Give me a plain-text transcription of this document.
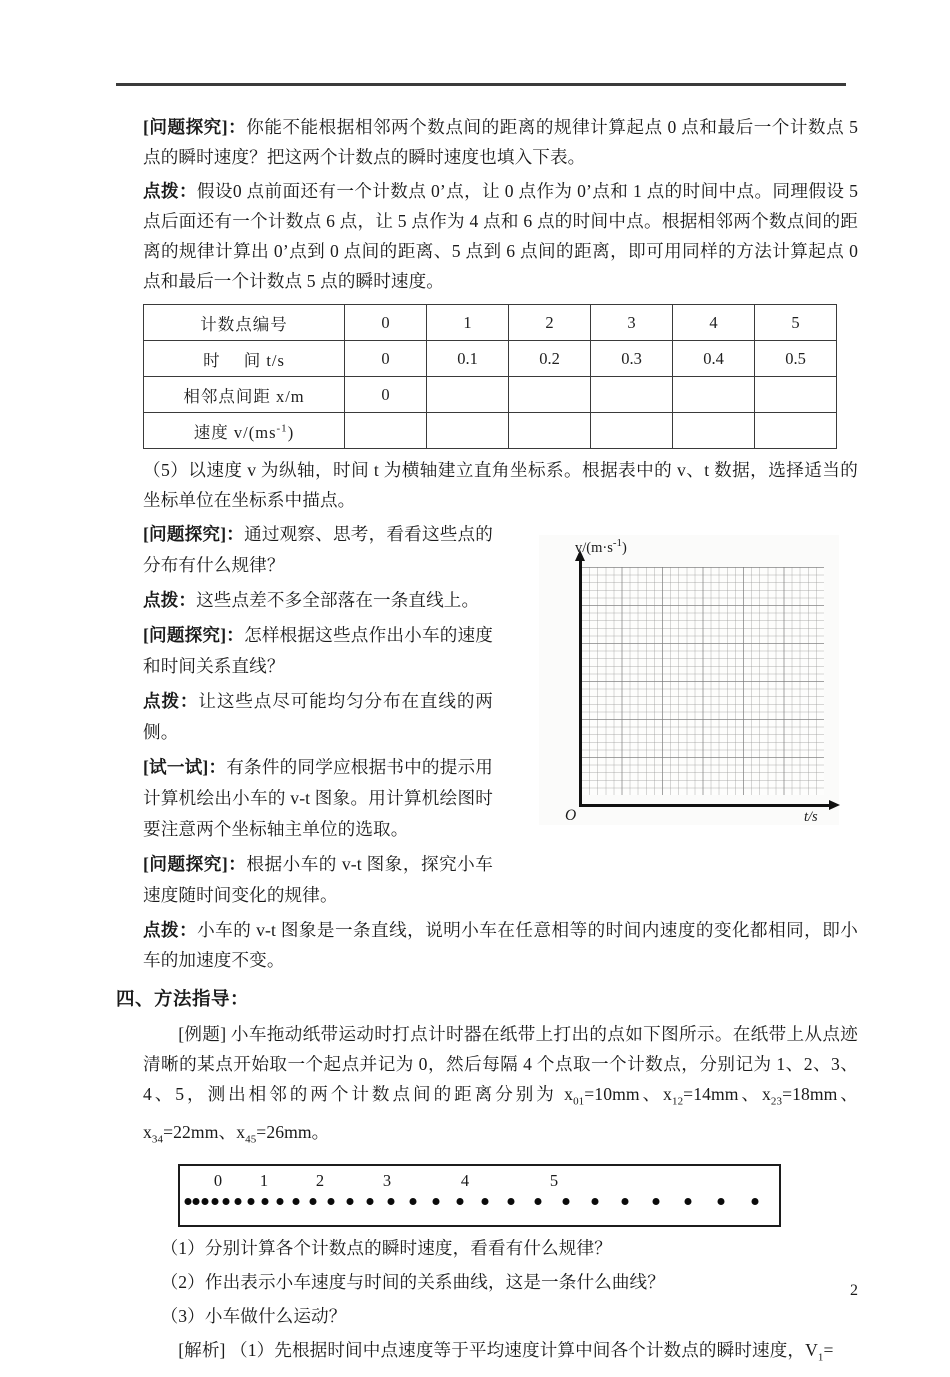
[问题探究]：你能不能根据相邻两个数点间的距离的规律计算起点 0 点和最后一个计数点 5 点的瞬时速度？把这两个计数点的瞬时速度也填入下表。

点拨：假设0 点前面还有一个计数点 0’点，让 0 点作为 0’点和 1 点的时间中点。同理假设 5 点后面还有一个计数点 6 点，让 5 点作为 4 点和 6 点的时间中点。根据相邻两个数点间的距离的规律计算出 0’点到 0 点间的距离、5 点到 6 点间的距离，即可用同样的方法计算起点 0 点和最后一个计数点 5 点的瞬时速度。

计数点编号	0	1	2	3	4	5
时 间 t/s	0	0.1	0.2	0.3	0.4	0.5
相邻点间距 x/m	0					
速度 $v/(ms^{-1})$						

（5）以速度 v 为纵轴，时间 t 为横轴建立直角坐标系。根据表中的 v、t 数据，选择适当的坐标单位在坐标系中描点。

[问题探究]：通过观察、思考，看看这些点的分布有什么规律？

点拨：这些点差不多全部落在一条直线上。

[问题探究]：怎样根据这些点作出小车的速度和时间关系直线？

点拨：让这些点尽可能均匀分布在直线的两侧。

[试一试]：有条件的同学应根据书中的提示用计算机绘出小车的 v-t 图象。用计算机绘图时要注意两个坐标轴主单位的选取。

[问题探究]：根据小车的 v-t 图象，探究小车速度随时间变化的规律。

$v/(m\cdot s^{-1})$
t/s
O

点拨：小车的 v-t 图象是一条直线，说明小车在任意相等的时间内速度的变化都相同，即小车的加速度不变。

四、方法指导：

[例题] 小车拖动纸带运动时打点计时器在纸带上打出的点如下图所示。在纸带上从点迹清晰的某点开始取一个起点并记为 0，然后每隔 4 个点取一个计数点，分别记为 1、2、3、4、5，测出相邻的两个计数点间的距离分别为 $x_{01}=10mm$、$x_{12}=14mm$、$x_{23}=18mm$、$x_{34}=22mm$、$x_{45}=26mm$。

0 1	2	3	4	5

（1）分别计算各个计数点的瞬时速度，看看有什么规律？

（2）作出表示小车速度与时间的关系曲线，这是一条什么曲线？

（3）小车做什么运动？

[解析] （1）先根据时间中点速度等于平均速度计算中间各个计数点的瞬时速度，$V_1=$

2
